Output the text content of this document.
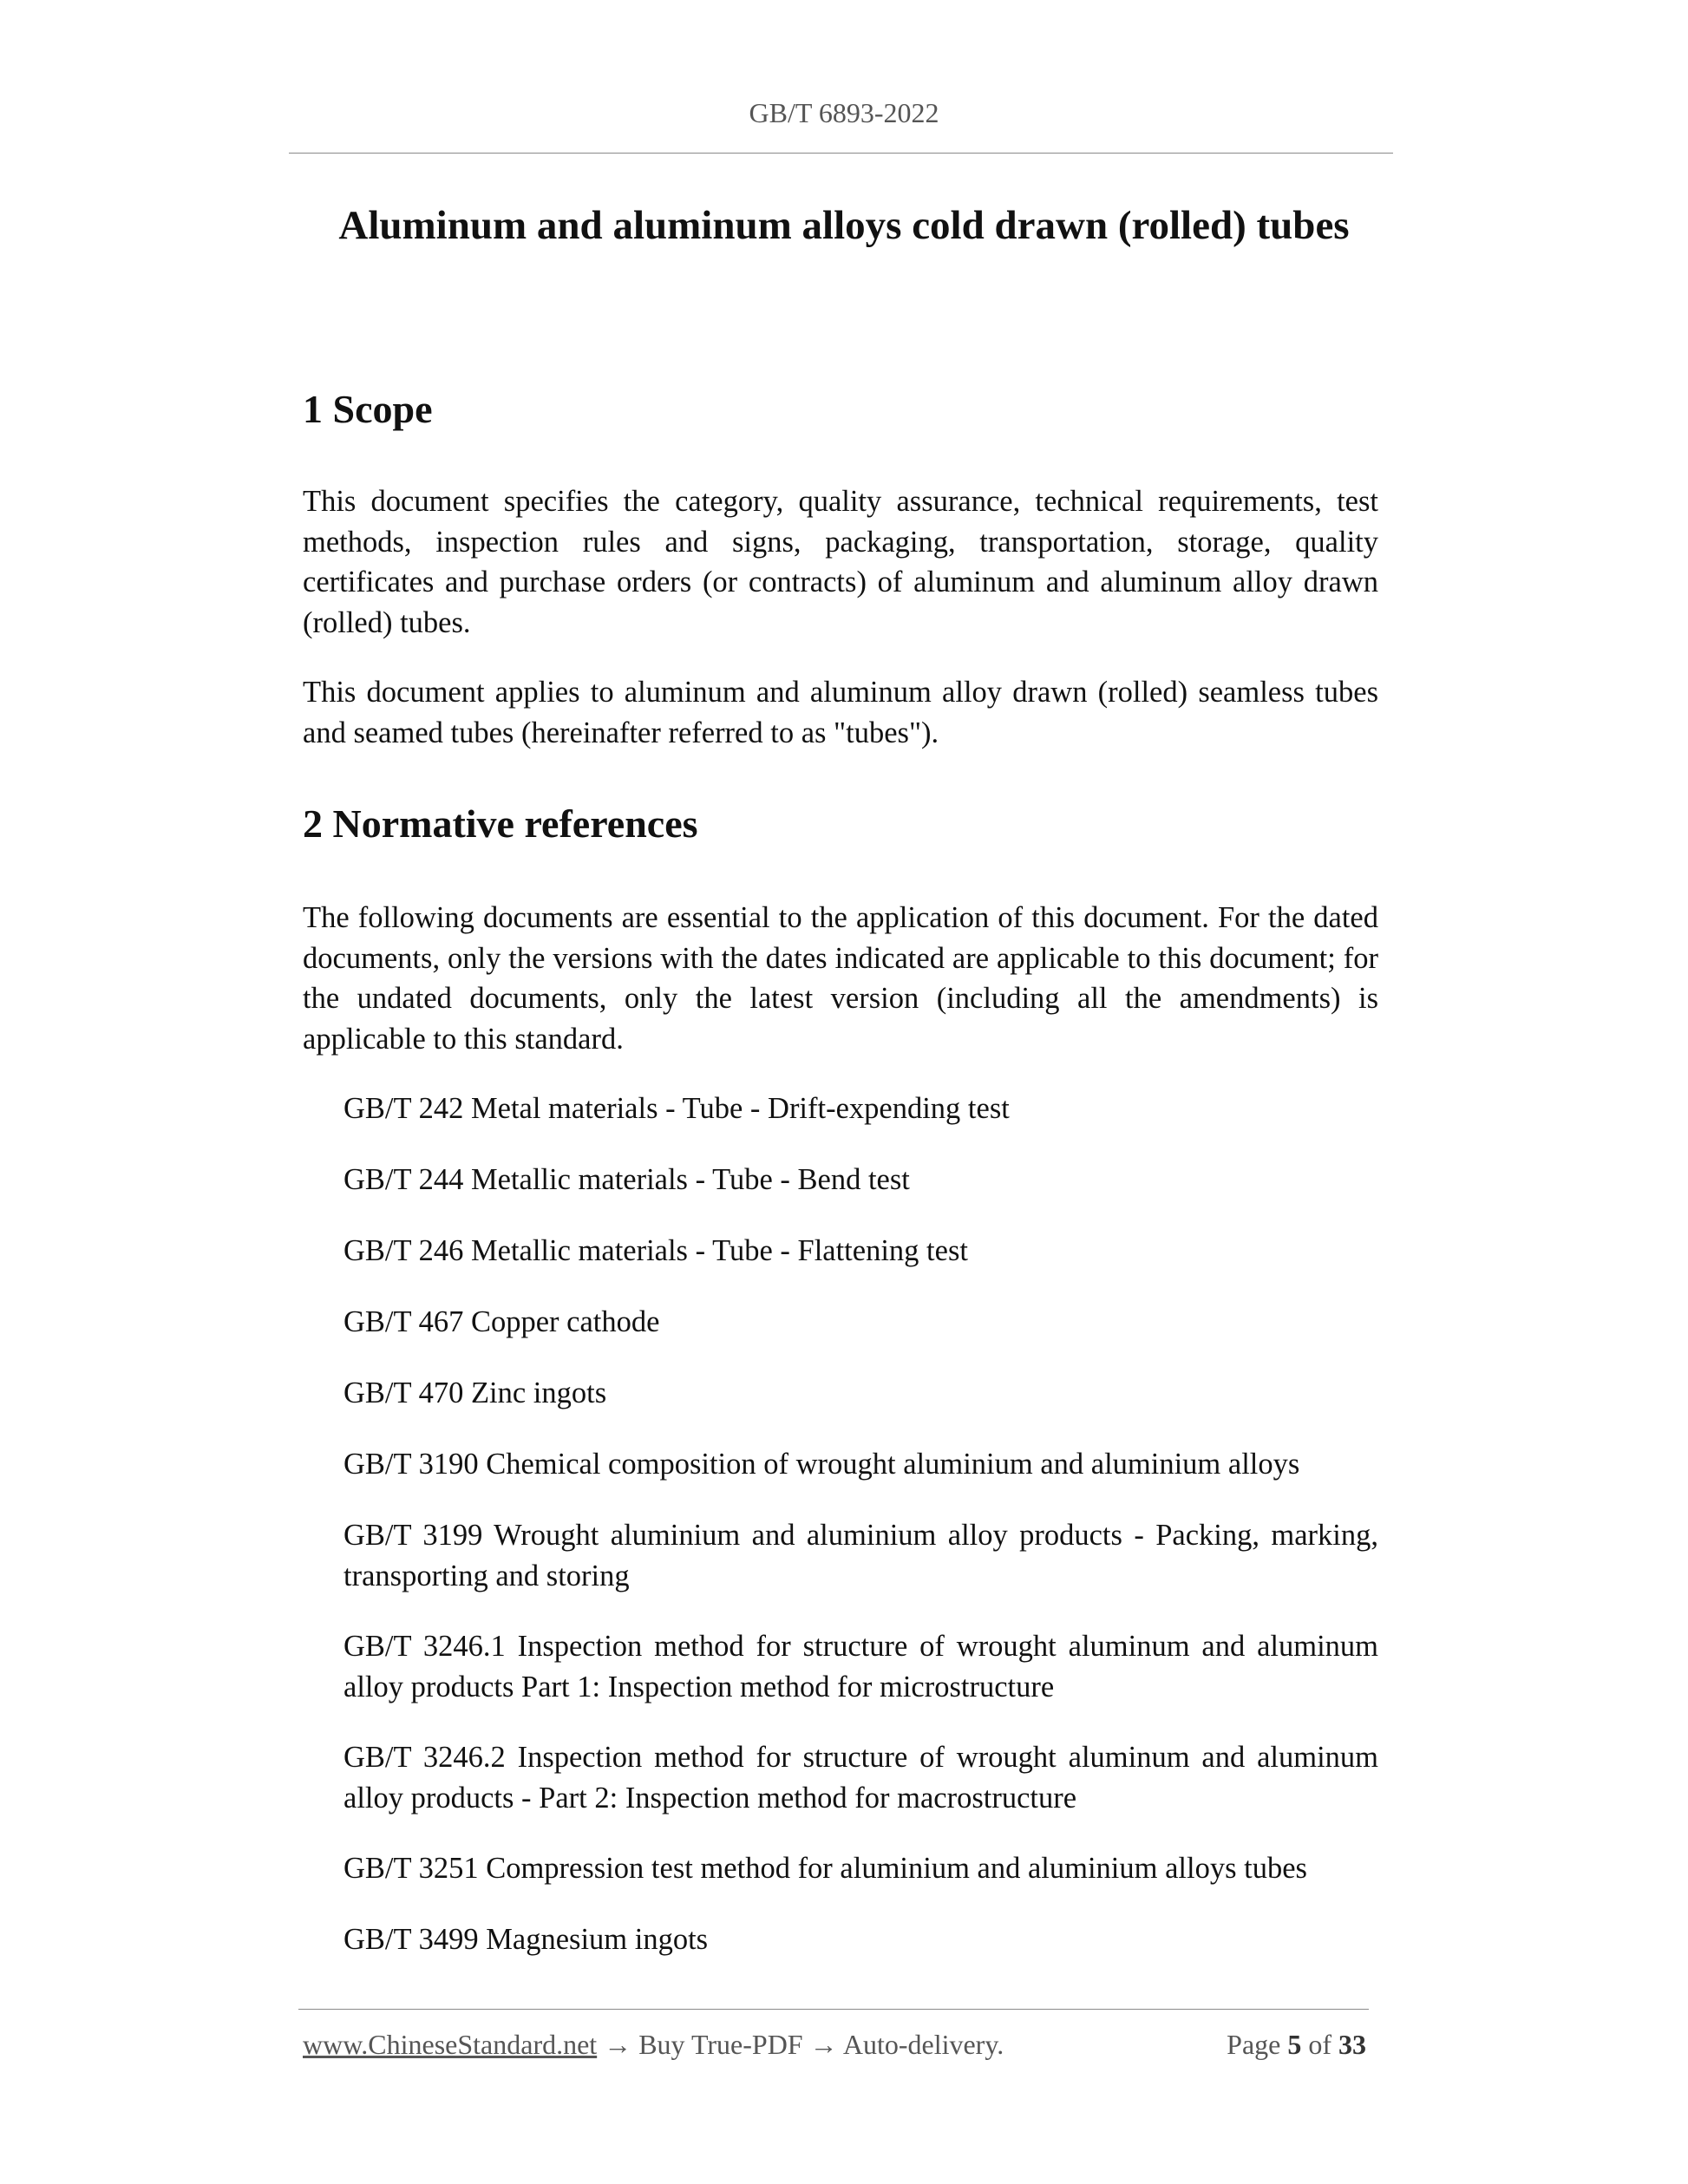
GB/T 6893-2022
Aluminum and aluminum alloys cold drawn (rolled) tubes
1 Scope

This document specifies the category, quality assurance, technical requirements, test methods, inspection rules and signs, packaging, transportation, storage, quality certificates and purchase orders (or contracts) of aluminum and aluminum alloy drawn (rolled) tubes.

This document applies to aluminum and aluminum alloy drawn (rolled) seamless tubes and seamed tubes (hereinafter referred to as "tubes").

2 Normative references

The following documents are essential to the application of this document. For the dated documents, only the versions with the dates indicated are applicable to this document; for the undated documents, only the latest version (including all the amendments) is applicable to this standard.

GB/T 242 Metal materials - Tube - Drift-expending test
GB/T 244 Metallic materials - Tube - Bend test
GB/T 246 Metallic materials - Tube - Flattening test
GB/T 467 Copper cathode
GB/T 470 Zinc ingots
GB/T 3190 Chemical composition of wrought aluminium and aluminium alloys
GB/T 3199 Wrought aluminium and aluminium alloy products - Packing, marking, transporting and storing
GB/T 3246.1 Inspection method for structure of wrought aluminum and aluminum alloy products Part 1: Inspection method for microstructure
GB/T 3246.2 Inspection method for structure of wrought aluminum and aluminum alloy products - Part 2: Inspection method for macrostructure
GB/T 3251 Compression test method for aluminium and aluminium alloys tubes
GB/T 3499 Magnesium ingots
www.ChineseStandard.net → Buy True-PDF → Auto-delivery.	Page 5 of 33
